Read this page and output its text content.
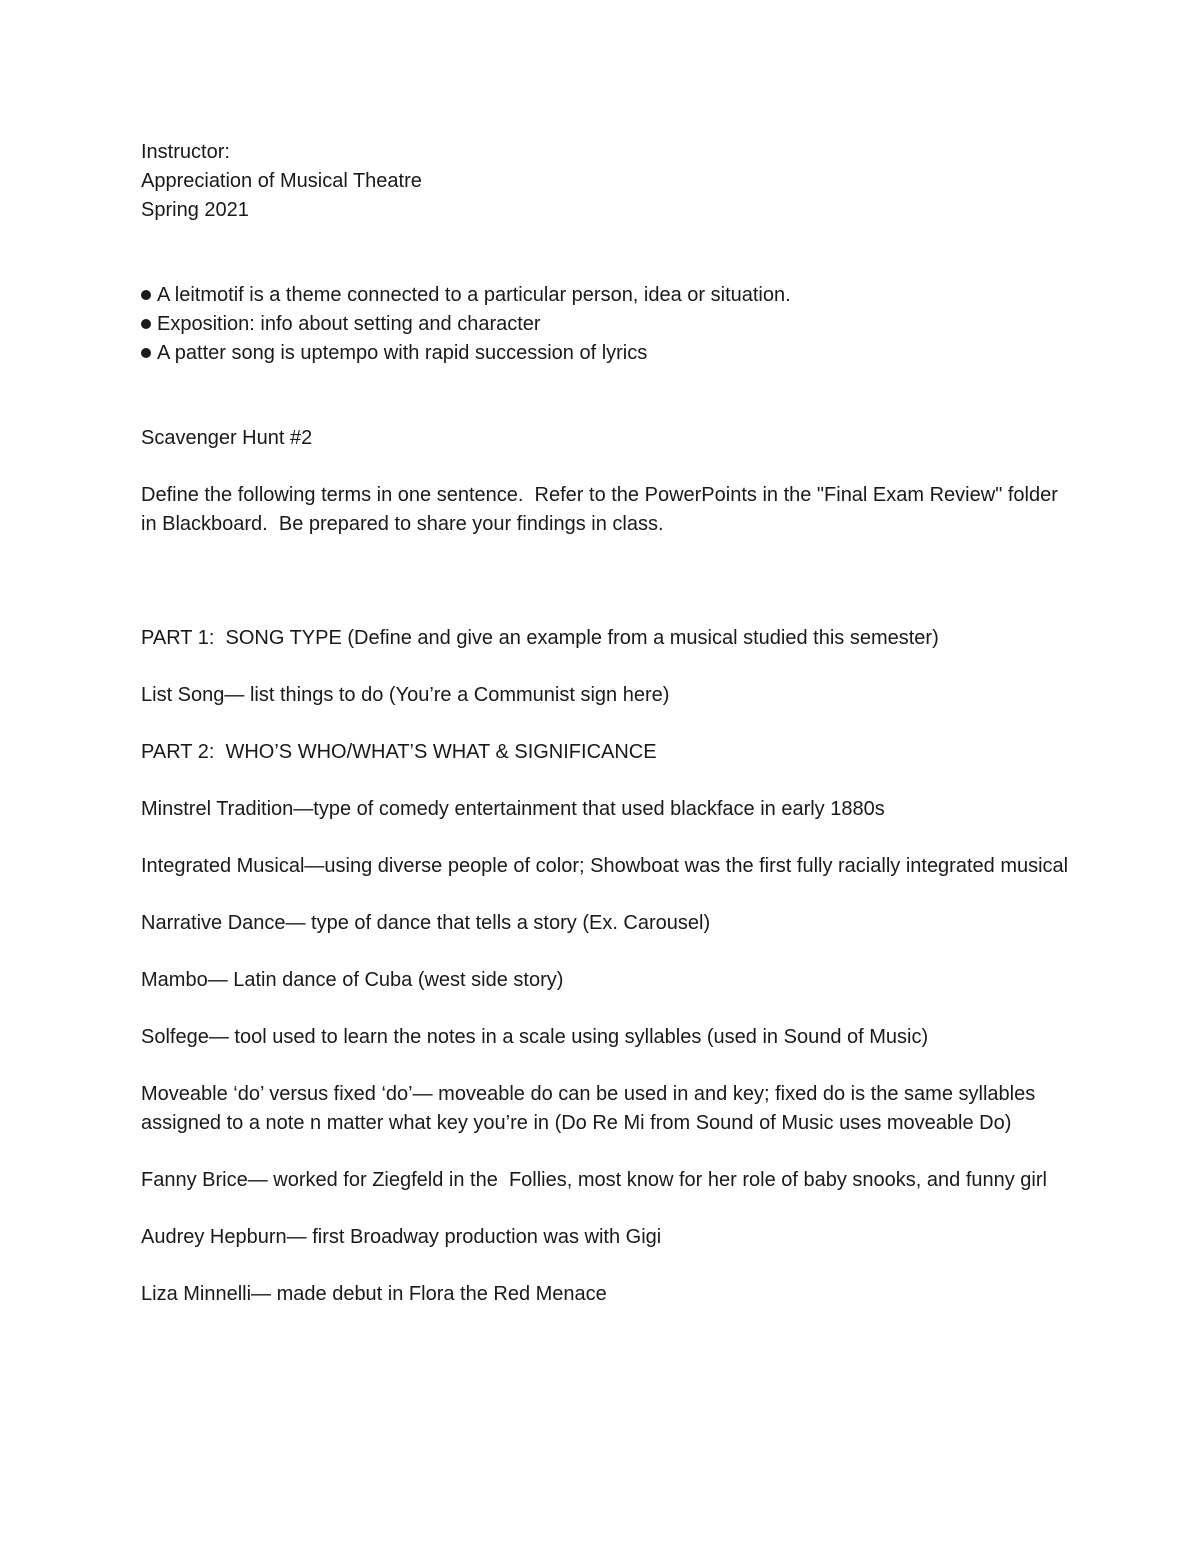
Instructor:

Appreciation of Musical Theatre

Spring 2021

A leitmotif is a theme connected to a particular person, idea or situation.
Exposition: info about setting and character
A patter song is uptempo with rapid succession of lyrics

Scavenger Hunt #2

Define the following terms in one sentence.  Refer to the PowerPoints in the "Final Exam Review" folder in Blackboard.  Be prepared to share your findings in class.

PART 1:  SONG TYPE (Define and give an example from a musical studied this semester)

List Song— list things to do (You’re a Communist sign here)

PART 2:  WHO’S WHO/WHAT’S WHAT & SIGNIFICANCE

Minstrel Tradition—type of comedy entertainment that used blackface in early 1880s

Integrated Musical—using diverse people of color; Showboat was the first fully racially integrated musical

Narrative Dance— type of dance that tells a story (Ex. Carousel)

Mambo— Latin dance of Cuba (west side story)

Solfege— tool used to learn the notes in a scale using syllables (used in Sound of Music)

Moveable ‘do’ versus fixed ‘do’— moveable do can be used in and key; fixed do is the same syllables assigned to a note n matter what key you’re in (Do Re Mi from Sound of Music uses moveable Do)

Fanny Brice— worked for Ziegfeld in the  Follies, most know for her role of baby snooks, and funny girl

Audrey Hepburn— first Broadway production was with Gigi

Liza Minnelli— made debut in Flora the Red Menace
